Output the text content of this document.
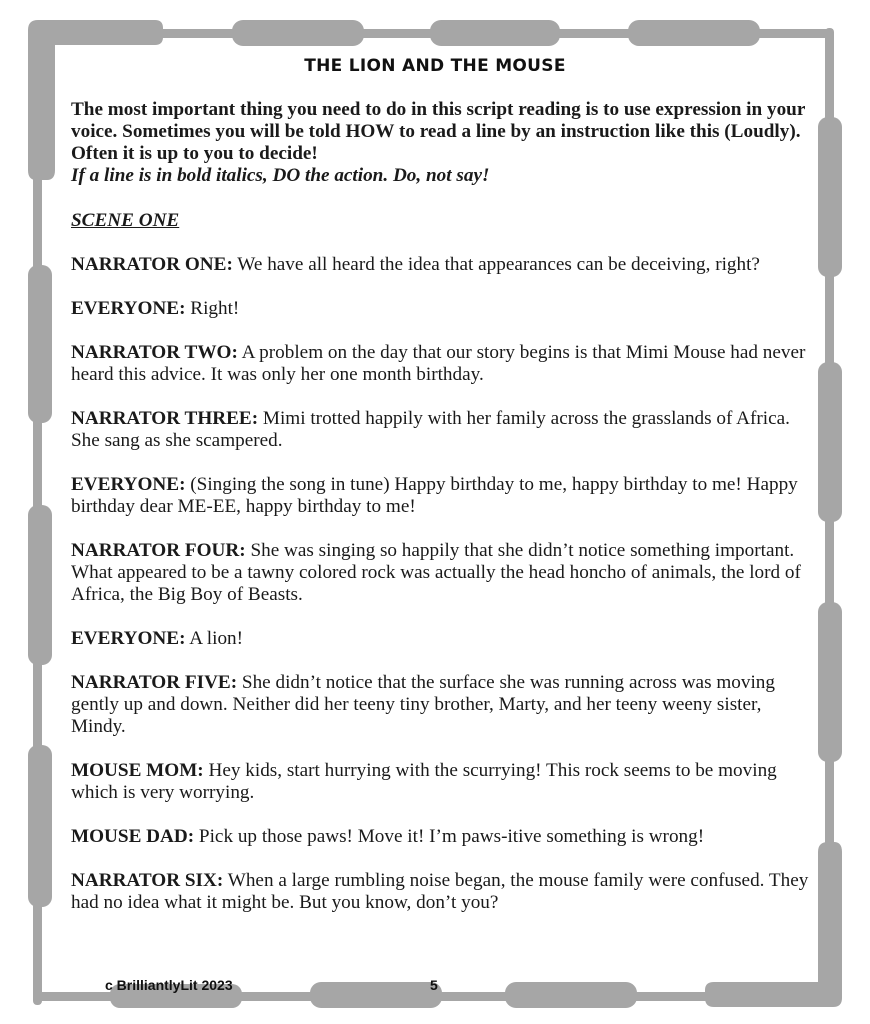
THE LION AND THE MOUSE

The most important thing you need to do in this script reading is to use expression in your voice. Sometimes you will be told HOW to read a line by an instruction like this (Loudly). Often it is up to you to decide!
If a line is in bold italics, DO the action. Do, not say!

SCENE ONE

NARRATOR ONE: We have all heard the idea that appearances can be deceiving, right?

EVERYONE: Right!

NARRATOR TWO: A problem on the day that our story begins is that Mimi Mouse had never heard this advice. It was only her one month birthday.

NARRATOR THREE: Mimi trotted happily with her family across the grasslands of Africa. She sang as she scampered.

EVERYONE: (Singing the song in tune) Happy birthday to me, happy birthday to me! Happy birthday dear ME-EE, happy birthday to me!

NARRATOR FOUR: She was singing so happily that she didn’t notice something important. What appeared to be a tawny colored rock was actually the head honcho of animals, the lord of Africa, the Big Boy of Beasts.

EVERYONE: A lion!

NARRATOR FIVE: She didn’t notice that the surface she was running across was moving gently up and down. Neither did her teeny tiny brother, Marty, and her teeny weeny sister, Mindy.

MOUSE MOM: Hey kids, start hurrying with the scurrying! This rock seems to be moving which is very worrying.

MOUSE DAD: Pick up those paws! Move it! I’m paws-itive something is wrong!

NARRATOR SIX: When a large rumbling noise began, the mouse family were confused. They had no idea what it might be. But you know, don’t you?

c BrilliantlyLit 2023	5
